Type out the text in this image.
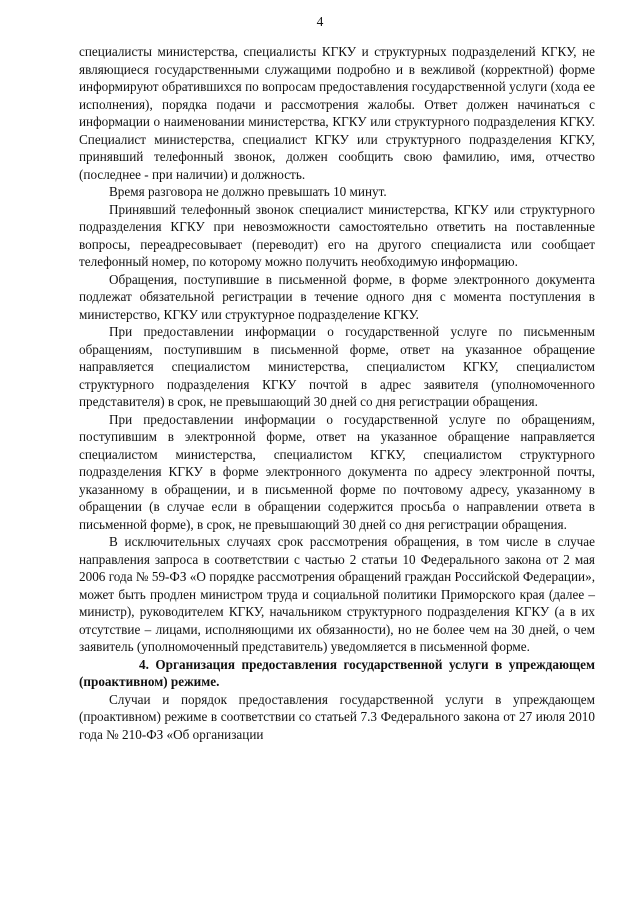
4

специалисты министерства, специалисты КГКУ и структурных подразделений КГКУ, не являющиеся государственными служащими подробно и в вежливой (корректной) форме информируют обратившихся по вопросам предоставления государственной услуги (хода ее исполнения), порядка подачи и рассмотрения жалобы. Ответ должен начинаться с информации о наименовании министерства, КГКУ или структурного подразделения КГКУ. Специалист министерства, специалист КГКУ или структурного подразделения КГКУ, принявший телефонный звонок, должен сообщить свою фамилию, имя, отчество (последнее - при наличии) и должность.

Время разговора не должно превышать 10 минут.

Принявший телефонный звонок специалист министерства, КГКУ или структурного подразделения КГКУ при невозможности самостоятельно ответить на поставленные вопросы, переадресовывает (переводит) его на другого специалиста или сообщает телефонный номер, по которому можно получить необходимую информацию.

Обращения, поступившие в письменной форме, в форме электронного документа подлежат обязательной регистрации в течение одного дня с момента поступления в министерство, КГКУ или структурное подразделение КГКУ.

При предоставлении информации о государственной услуге по письменным обращениям, поступившим в письменной форме, ответ на указанное обращение направляется специалистом министерства, специалистом КГКУ, специалистом структурного подразделения КГКУ почтой в адрес заявителя (уполномоченного представителя) в срок, не превышающий 30 дней со дня регистрации обращения.

При предоставлении информации о государственной услуге по обращениям, поступившим в электронной форме, ответ на указанное обращение направляется специалистом министерства, специалистом КГКУ, специалистом структурного подразделения КГКУ в форме электронного документа по адресу электронной почты, указанному в обращении, и в письменной форме по почтовому адресу, указанному в обращении (в случае если в обращении содержится просьба о направлении ответа в письменной форме), в срок, не превышающий 30 дней со дня регистрации обращения.

В исключительных случаях срок рассмотрения обращения, в том числе в случае направления запроса в соответствии с частью 2 статьи 10 Федерального закона от 2 мая 2006 года № 59-ФЗ «О порядке рассмотрения обращений граждан Российской Федерации», может быть продлен министром труда и социальной политики Приморского края (далее – министр), руководителем КГКУ, начальником структурного подразделения КГКУ (а в их отсутствие – лицами, исполняющими их обязанности), но не более чем на 30 дней, о чем заявитель (уполномоченный представитель) уведомляется в письменной форме.

4. Организация предоставления государственной услуги в упреждающем (проактивном) режиме.

Случаи и порядок предоставления государственной услуги в упреждающем (проактивном) режиме в соответствии со статьей 7.3 Федерального закона от 27 июля 2010 года № 210-ФЗ «Об организации
